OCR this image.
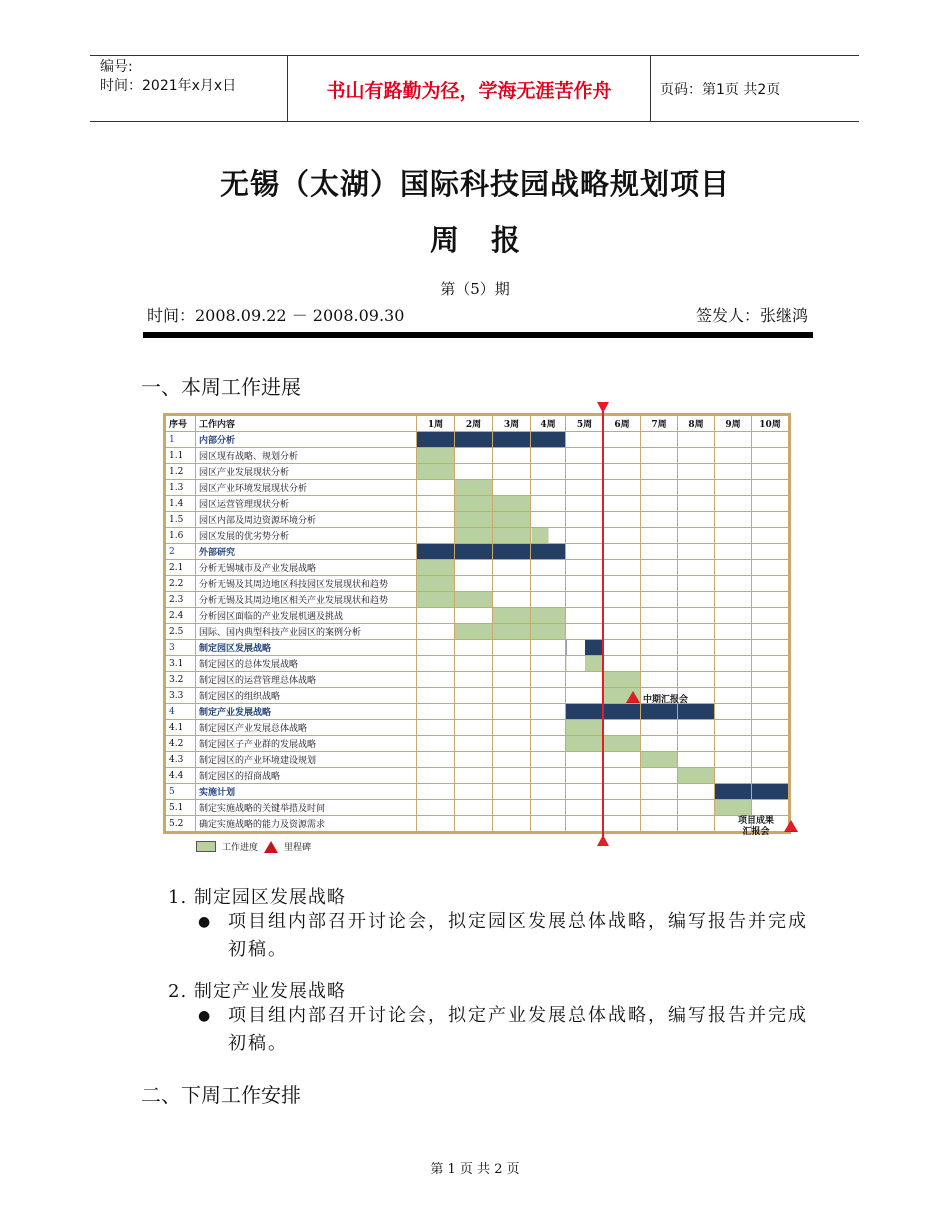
编号:
时间：2021年x月x日	书山有路勤为径，学海无涯苦作舟	页码：第1页 共2页
无锡（太湖）国际科技园战略规划项目
周 报
第（5）期
时间：2008.09.22 － 2008.09.30	签发人：张继鸿
一、本周工作进展
序号	工作内容	1周	2周	3周	4周	5周	6周	7周	8周	9周	10周
1	内部分析										
1.1	园区现有战略、规划分析										
1.2	园区产业发展现状分析										
1.3	园区产业环境发展现状分析										
1.4	园区运营管理现状分析										
1.5	园区内部及周边资源环境分析										
1.6	园区发展的优劣势分析										
2	外部研究										
2.1	分析无锡城市及产业发展战略										
2.2	分析无锡及其周边地区科技园区发展现状和趋势										
2.3	分析无锡及其周边地区相关产业发展现状和趋势										
2.4	分析园区面临的产业发展机遇及挑战										
2.5	国际、国内典型科技产业园区的案例分析										
3	制定园区发展战略										
3.1	制定园区的总体发展战略										
3.2	制定园区的运营管理总体战略										
3.3	制定园区的组织战略										
4	制定产业发展战略										
4.1	制定园区产业发展总体战略										
4.2	制定园区子产业群的发展战略										
4.3	制定园区的产业环境建设规划										
4.4	制定园区的招商战略										
5	实施计划										
5.1	制定实施战略的关键举措及时间										
5.2	确定实施战略的能力及资源需求										
中期汇报会
项目成果
汇报会
工作进度	里程碑
1. 制定园区发展战略
● 项目组内部召开讨论会，拟定园区发展总体战略，编写报告并完成初稿。
2. 制定产业发展战略
● 项目组内部召开讨论会，拟定产业发展总体战略，编写报告并完成初稿。
二、下周工作安排
第 1 页 共 2 页
